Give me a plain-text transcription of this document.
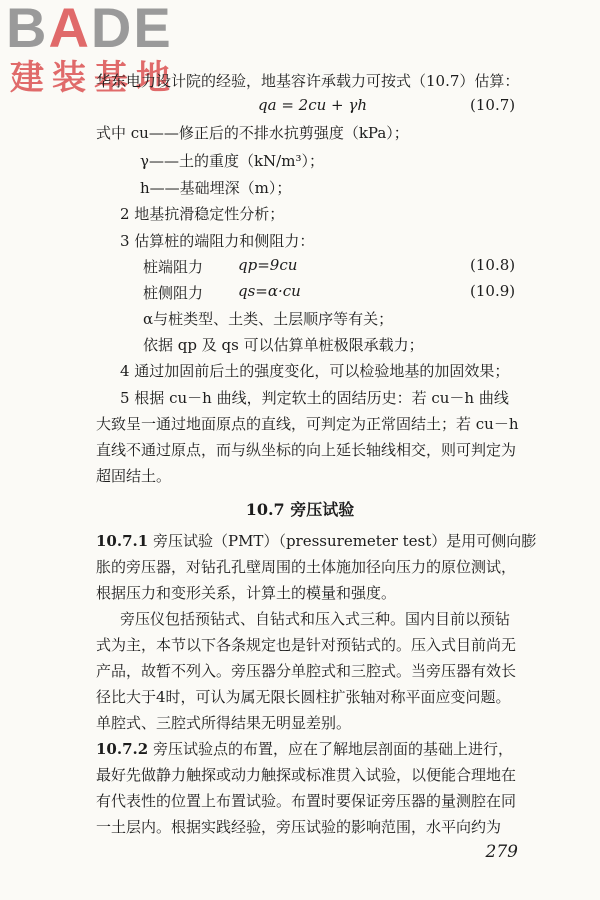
BADE
建装基地
华东电力设计院的经验，地基容许承载力可按式（10.7）估算：
qa = 2cu + γh	(10.7)
式中 cu——修正后的不排水抗剪强度（kPa）；
γ——土的重度（kN/m³）；
h——基础埋深（m）；
2 地基抗滑稳定性分析；
3 估算桩的端阻力和侧阻力：
桩端阻力 qp=9cu	(10.8)
桩侧阻力 qs=α·cu	(10.9)
α与桩类型、土类、土层顺序等有关；
依据 qp 及 qs 可以估算单桩极限承载力；
4 通过加固前后土的强度变化，可以检验地基的加固效果；
5 根据 cu－h 曲线，判定软土的固结历史：若 cu－h 曲线
大致呈一通过地面原点的直线，可判定为正常固结土；若 cu－h
直线不通过原点，而与纵坐标的向上延长轴线相交，则可判定为
超固结土。
10.7 旁压试验
10.7.1 旁压试验（PMT）（pressuremeter test）是用可侧向膨
胀的旁压器，对钻孔孔壁周围的土体施加径向压力的原位测试，
根据压力和变形关系，计算土的模量和强度。
旁压仪包括预钻式、自钻式和压入式三种。国内目前以预钻
式为主，本节以下各条规定也是针对预钻式的。压入式目前尚无
产品，故暂不列入。旁压器分单腔式和三腔式。当旁压器有效长
径比大于4时，可认为属无限长圆柱扩张轴对称平面应变问题。
单腔式、三腔式所得结果无明显差别。
10.7.2 旁压试验点的布置，应在了解地层剖面的基础上进行，
最好先做静力触探或动力触探或标准贯入试验，以便能合理地在
有代表性的位置上布置试验。布置时要保证旁压器的量测腔在同
一土层内。根据实践经验，旁压试验的影响范围，水平向约为
279
